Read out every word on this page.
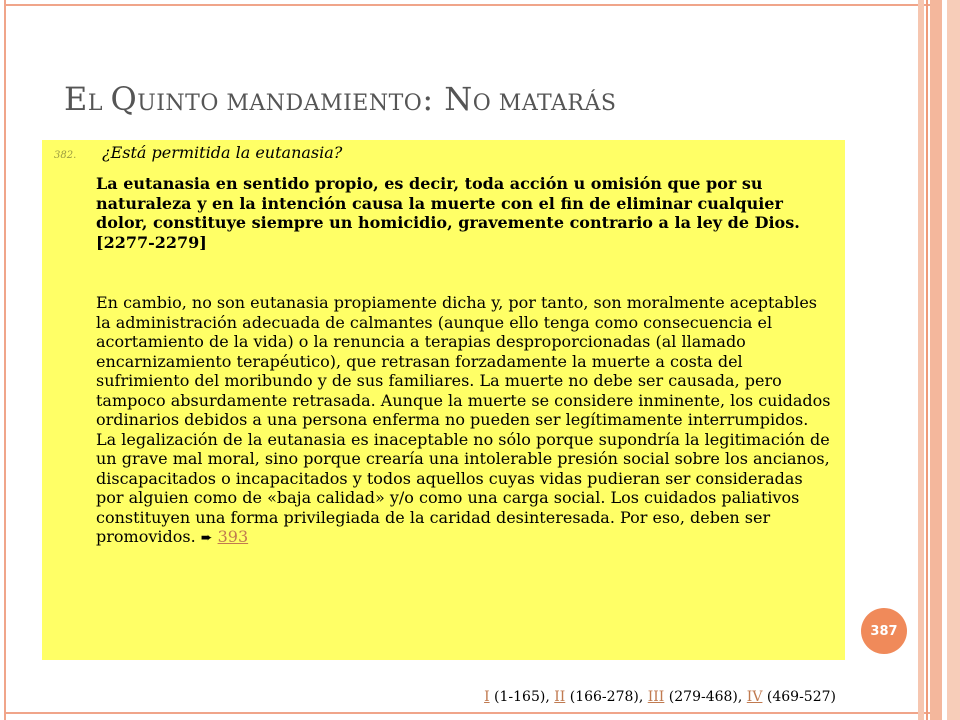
EL QUINTO MANDAMIENTO: NO MATARÁS
382. ¿Está permitida la eutanasia?
La eutanasia en sentido propio, es decir, toda acción u omisión que por su naturaleza y en la intención causa la muerte con el fin de eliminar cualquier dolor, constituye siempre un homicidio, gravemente contrario a la ley de Dios. [2277-2279]
En cambio, no son eutanasia propiamente dicha y, por tanto, son moralmente aceptables la administración adecuada de calmantes (aunque ello tenga como consecuencia el acortamiento de la vida) o la renuncia a terapias desproporcionadas (al llamado encarnizamiento terapéutico), que retrasan forzadamente la muerte a costa del sufrimiento del moribundo y de sus familiares. La muerte no debe ser causada, pero tampoco absurdamente retrasada. Aunque la muerte se considere inminente, los cuidados ordinarios debidos a una persona enferma no pueden ser legítimamente interrumpidos. La legalización de la eutanasia es inaceptable no sólo porque supondría la legitimación de un grave mal moral, sino porque crearía una intolerable presión social sobre los ancianos, discapacitados o incapacitados y todos aquellos cuyas vidas pudieran ser consideradas por alguien como de «baja calidad» y/o como una carga social. Los cuidados paliativos constituyen una forma privilegiada de la caridad desinteresada. Por eso, deben ser promovidos. ➨ 393
387
I (1-165), II (166-278), III (279-468), IV (469-527)
